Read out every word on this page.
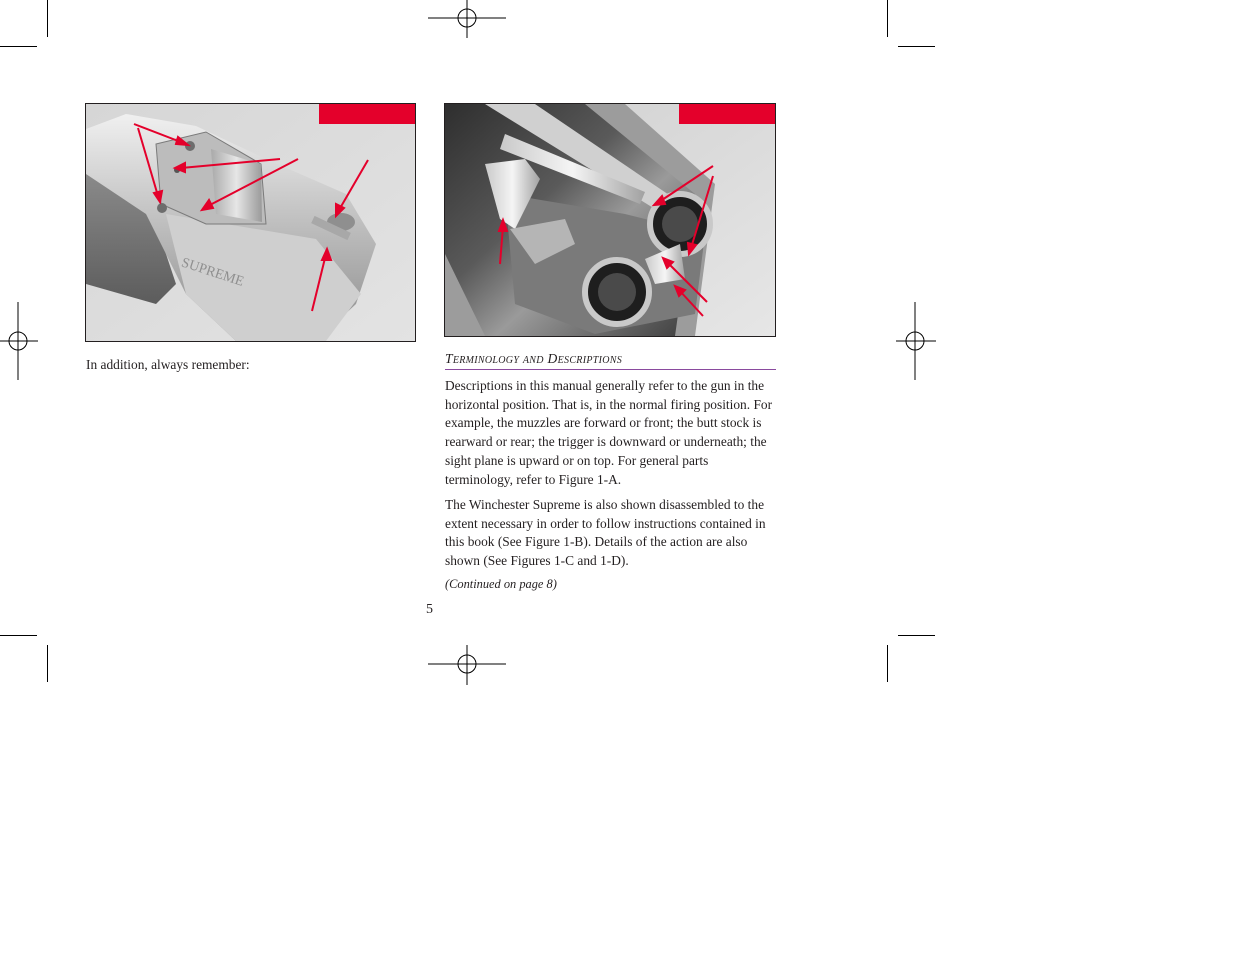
SUPREME

In addition, always remember:	Terminology and Descriptions

Descriptions in this manual generally refer to the gun in the horizontal position. That is, in the normal firing position. For example, the muzzles are forward or front; the butt stock is rearward or rear; the trigger is downward or underneath; the sight plane is upward or on top. For general parts terminology, refer to Figure 1-A.

The Winchester Supreme is also shown disassembled to the extent necessary in order to follow instructions contained in this book (See Figure 1-B). Details of the action are also shown (See Figures 1-C and 1-D).

(Continued on page 8)
5
